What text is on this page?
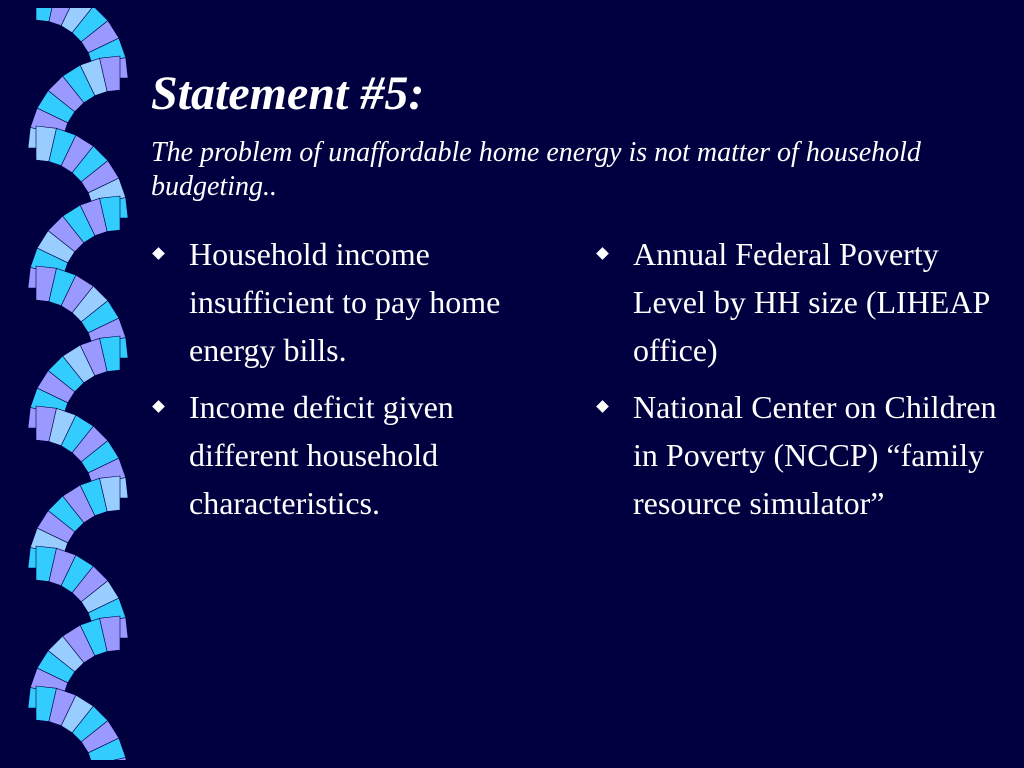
Statement #5:

The problem of unaffordable home energy is not matter of household budgeting..

Household income insufficient to pay home energy bills.
Income deficit given different household characteristics.
Annual Federal Poverty Level by HH size (LIHEAP office)
National Center on Children in Poverty (NCCP) “family resource simulator”
